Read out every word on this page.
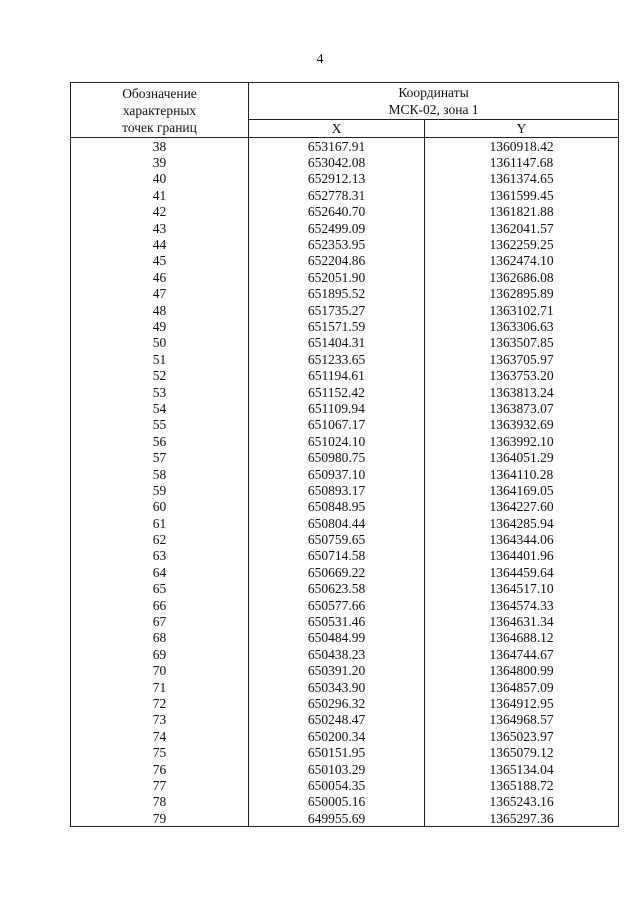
4
Обозначение
характерных
точек границ	Координаты
МСК-02, зона 1	

	X	Y
38	653167.91	1360918.42
39	653042.08	1361147.68
40	652912.13	1361374.65
41	652778.31	1361599.45
42	652640.70	1361821.88
43	652499.09	1362041.57
44	652353.95	1362259.25
45	652204.86	1362474.10
46	652051.90	1362686.08
47	651895.52	1362895.89
48	651735.27	1363102.71
49	651571.59	1363306.63
50	651404.31	1363507.85
51	651233.65	1363705.97
52	651194.61	1363753.20
53	651152.42	1363813.24
54	651109.94	1363873.07
55	651067.17	1363932.69
56	651024.10	1363992.10
57	650980.75	1364051.29
58	650937.10	1364110.28
59	650893.17	1364169.05
60	650848.95	1364227.60
61	650804.44	1364285.94
62	650759.65	1364344.06
63	650714.58	1364401.96
64	650669.22	1364459.64
65	650623.58	1364517.10
66	650577.66	1364574.33
67	650531.46	1364631.34
68	650484.99	1364688.12
69	650438.23	1364744.67
70	650391.20	1364800.99
71	650343.90	1364857.09
72	650296.32	1364912.95
73	650248.47	1364968.57
74	650200.34	1365023.97
75	650151.95	1365079.12
76	650103.29	1365134.04
77	650054.35	1365188.72
78	650005.16	1365243.16
79	649955.69	1365297.36
